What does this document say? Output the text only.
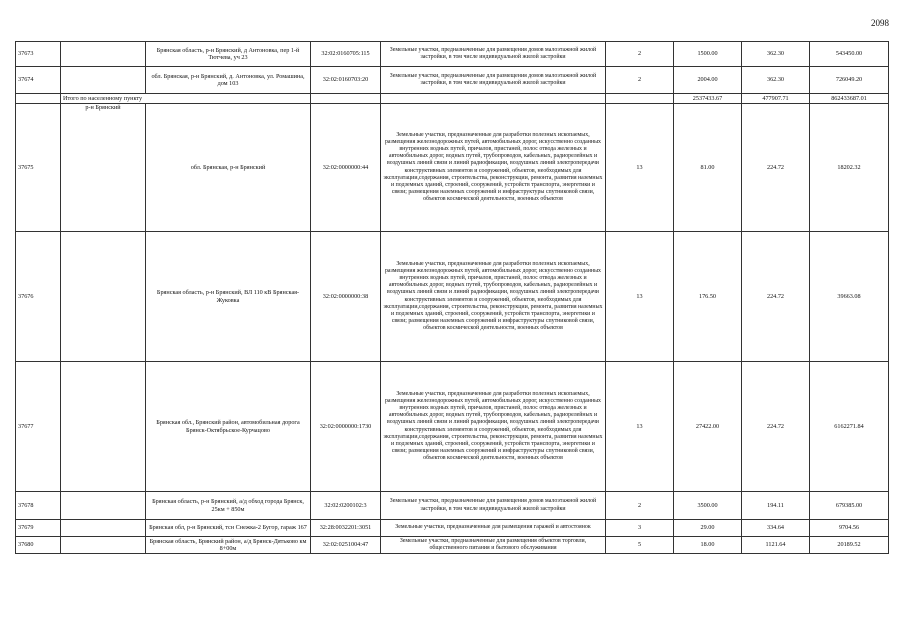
2098
37673		Брянская область, р-н Брянский, д Антоновка, пер 1-й Тютчева, уч 23	32:02:0160705:115	Земельные участки, предназначенные для размещения домов малоэтажной жилой застройки, в том числе индивидуальной жилой застройки	2	1500.00	362.30	543450.00
37674		обл. Брянская, р-н Брянский, д. Антоновка, ул. Ромашина, дом 103	32:02:0160703:20	Земельные участки, предназначенные для размещения домов малоэтажной жилой застройки, в том числе индивидуальной жилой застройки	2	2004.00	362.30	726049.20
	Итого по населенному пункту					2537433.67	477907.71	862433687.01
37675	р-н Брянский	обл. Брянская, р-н Брянский	32:02:0000000:44	Земельные участки, предназначенные для разработки полезных ископаемых, размещения железнодорожных путей, автомобильных дорог, искусственно созданных внутренних водных путей, причалов, пристаней, полос отвода железных и автомобильных дорог, водных путей, трубопроводов, кабельных, радиорелейных и воздушных линий связи и линий радиофикации, воздушных линий электропередачи конструктивных элементов и сооружений, объектов, необходимых для эксплуатации,содержания, строительства, реконструкции, ремонта, развития наземных и подземных зданий, строений, сооружений, устройств транспорта, энергетики и связи; размещения наземных сооружений и инфраструктуры спутниковой связи, объектов космической деятельности, военных объектов	13	81.00	224.72	18202.32
37676		Брянская область, р-н Брянский, ВЛ 110 кВ Брянская-Жуковка	32:02:0000000:38	Земельные участки, предназначенные для разработки полезных ископаемых, размещения железнодорожных путей, автомобильных дорог, искусственно созданных внутренних водных путей, причалов, пристаней, полос отвода железных и автомобильных дорог, водных путей, трубопроводов, кабельных, радиорелейных и воздушных линий связи и линий радиофикации, воздушных линий электропередачи конструктивных элементов и сооружений, объектов, необходимых для эксплуатации,содержания, строительства, реконструкции, ремонта, развития наземных и подземных зданий, строений, сооружений, устройств транспорта, энергетики и связи; размещения наземных сооружений и инфраструктуры спутниковой связи, объектов космической деятельности, военных объектов	13	176.50	224.72	39663.08
37677		Брянская обл., Брянский район, автомобильная дорога Брянск-Октябрьское-Курчацово	32:02:0000000:1730	Земельные участки, предназначенные для разработки полезных ископаемых, размещения железнодорожных путей, автомобильных дорог, искусственно созданных внутренних водных путей, причалов, пристаней, полос отвода железных и автомобильных дорог, водных путей, трубопроводов, кабельных, радиорелейных и воздушных линий связи и линий радиофикации, воздушных линий электропередачи конструктивных элементов и сооружений, объектов, необходимых для эксплуатации,содержания, строительства, реконструкции, ремонта, развития наземных и подземных зданий, строений, сооружений, устройств транспорта, энергетики и связи; размещения наземных сооружений и инфраструктуры спутниковой связи, объектов космической деятельности, военных объектов	13	27422.00	224.72	6162271.84
37678		Брянская область, р-н Брянский, а/д обход города Брянск, 25км + 850м	32:02:0200102:3	Земельные участки, предназначенные для размещения домов малоэтажной жилой застройки, в том числе индивидуальной жилой застройки	2	3500.00	194.11	679385.00
37679		Брянская обл, р-н Брянский, тсн Снежка-2 Бугор, гараж 167	32:28:0032201:3051	Земельные участки, предназначенные для размещения гаражей и автостоянок	3	29.00	334.64	9704.56
37680		Брянская область, Брянский район, а/д Брянск-Дятьково км 8+00м	32:02:0251004:47	Земельные участки, предназначенные для размещения объектов торговли, общественного питания и бытового обслуживания	5	18.00	1121.64	20189.52
